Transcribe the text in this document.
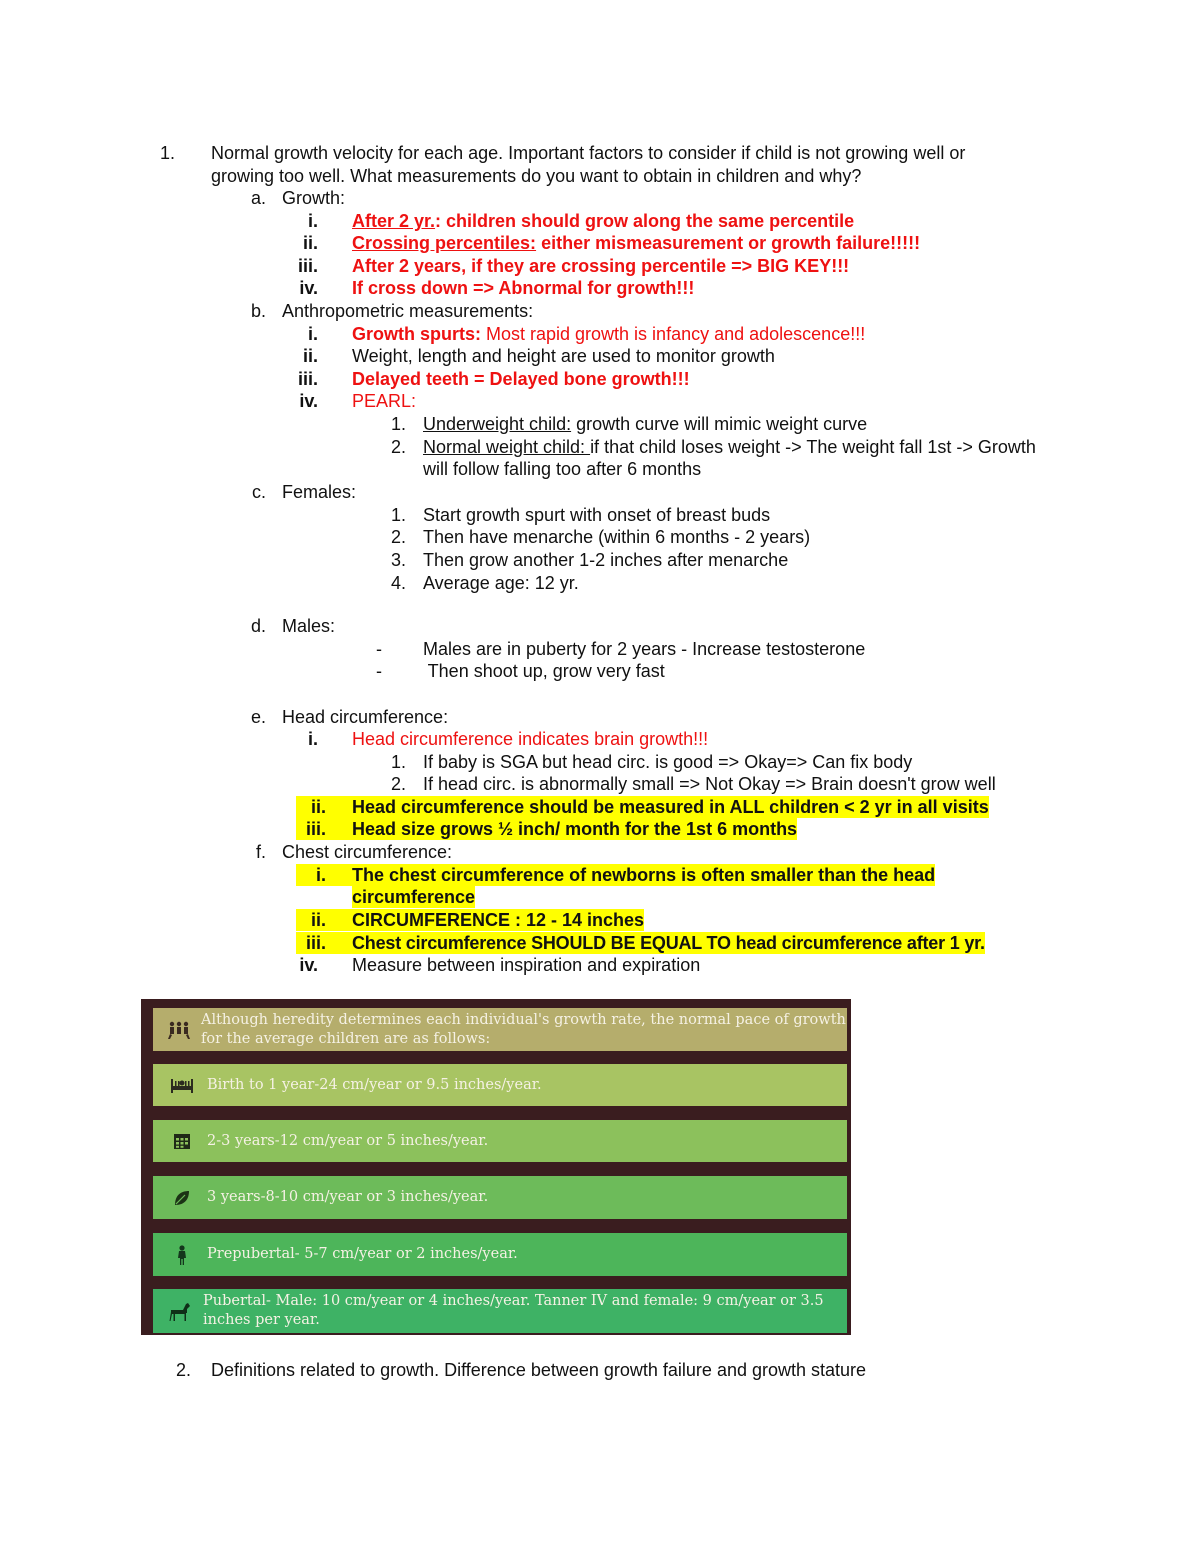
1.	Normal growth velocity for each age. Important factors to consider if child is not growing well or
growing too well. What measurements do you want to obtain in children and why?
a. Growth:
i. After 2 yr.: children should grow along the same percentile
ii. Crossing percentiles: either mismeasurement or growth failure!!!!!
iii. After 2 years, if they are crossing percentile => BIG KEY!!!
iv. If cross down => Abnormal for growth!!!
b. Anthropometric measurements:
i. Growth spurts: Most rapid growth is infancy and adolescence!!!
ii. Weight, length and height are used to monitor growth
iii. Delayed teeth = Delayed bone growth!!!
iv. PEARL:
1. Underweight child: growth curve will mimic weight curve
2. Normal weight child: if that child loses weight -> The weight fall 1st -> Growth
will follow falling too after 6 months
c. Females:
1. Start growth spurt with onset of breast buds
2. Then have menarche (within 6 months - 2 years)
3. Then grow another 1-2 inches after menarche
4. Average age: 12 yr.
d. Males:
-	Males are in puberty for 2 years - Increase testosterone
-	Then shoot up, grow very fast
e. Head circumference:
i. Head circumference indicates brain growth!!!
1. If baby is SGA but head circ. is good => Okay=> Can fix body
2. If head circ. is abnormally small => Not Okay => Brain doesn't grow well
ii.	Head circumference should be measured in ALL children < 2 yr in all visits
iii.	Head size grows ½ inch/ month for the 1st 6 months
f. Chest circumference:
i.	The chest circumference of newborns is often smaller than the head
circumference
ii.	CIRCUMFERENCE : 12 - 14 inches
iii.	Chest circumference SHOULD BE EQUAL TO head circumference after 1 yr.
iv. Measure between inspiration and expiration
Although heredity determines each individual's growth rate, the normal pace of growth for the average children are as follows:
Birth to 1 year-24 cm/year or 9.5 inches/year.
2-3 years-12 cm/year or 5 inches/year.
3 years-8-10 cm/year or 3 inches/year.
Prepubertal- 5-7 cm/year or 2 inches/year.
Pubertal- Male: 10 cm/year or 4 inches/year. Tanner IV and female: 9 cm/year or 3.5 inches per year.
2.	Definitions related to growth. Difference between growth failure and growth stature
